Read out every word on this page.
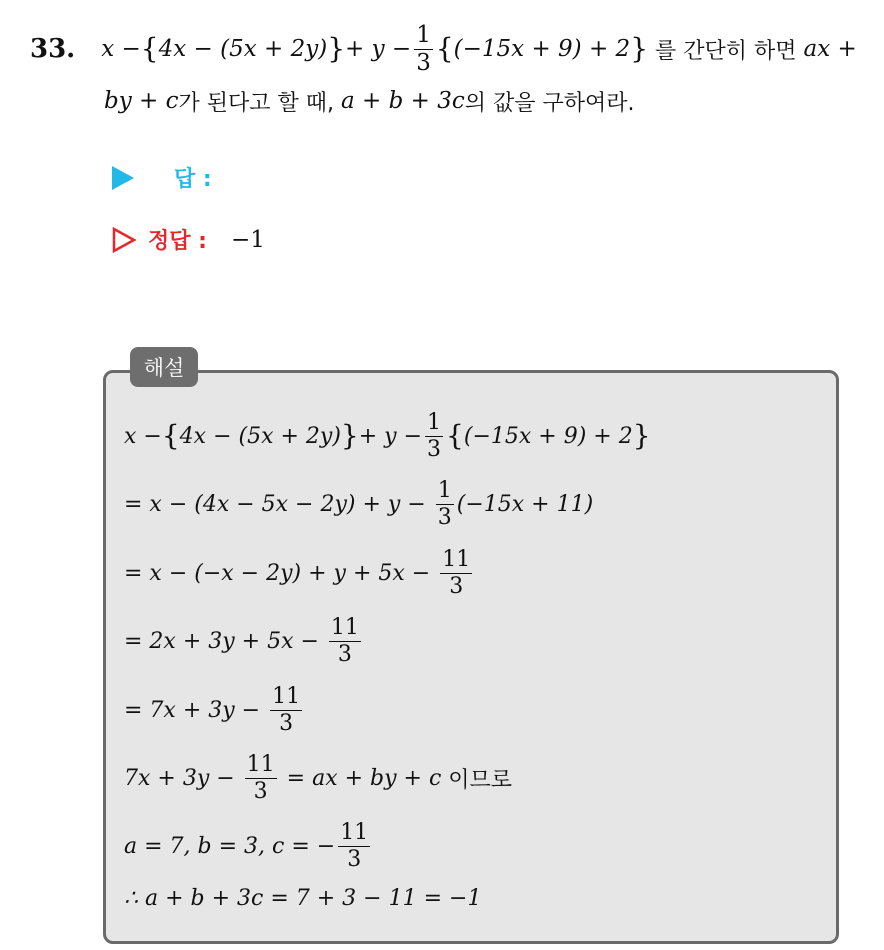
33. x − { 4x − (5x + 2y) } + $y - \frac{1}{3}$ { (−15x + 9) + 2 } 를 간단히 하면 ax +
by + c 가 된다고 할 때, a + b + 3c 의 값을 구하여라.
답 :
정답 : −1
해설
x − { 4x − (5x + 2y) } + $y - \frac{1}{3}$ { (−15x + 9) + 2 }
= $x - (4x - 5x - 2y) + y - \frac{1}{3} (-15x + 11)$
= $x - (-x - 2y) + y + 5x - \frac{11}{3}$
= $2x + 3y + 5x - \frac{11}{3}$
= $7x + 3y - \frac{11}{3}$
$7x + 3y - \frac{11}{3}$ = ax + by + c 이므로
a = 7, b = 3, c = − $\frac{11}{3}$
∴ a + b + 3c = 7 + 3 − 11 = −1
